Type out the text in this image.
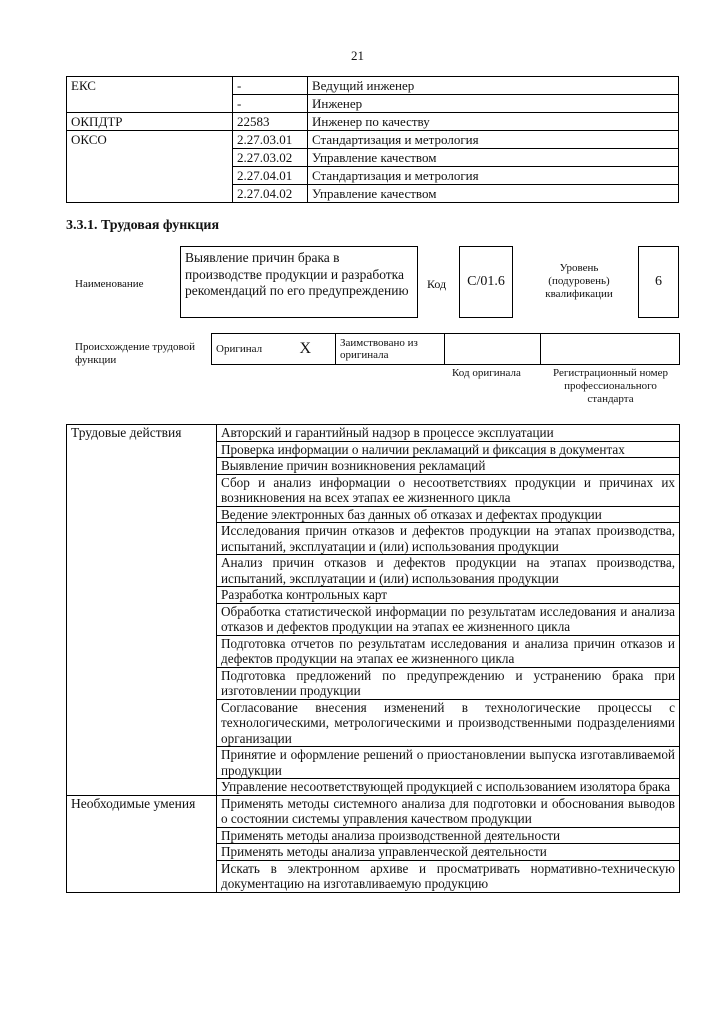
21
ЕКС	-	Ведущий инженер
	-	Инженер
ОКПДТР	22583	Инженер по качеству
ОКСО	2.27.03.01	Стандартизация и метрология
	2.27.03.02	Управление качеством
	2.27.04.01	Стандартизация и метрология
	2.27.04.02	Управление качеством
3.3.1. Трудовая функция
Наименование
Выявление причин брака в производстве продукции и разработка рекомендаций по его предупреждению	Код С/01.6
Уровень (подуровень) квалификации
6
Происхождение трудовой функции
Оригинал	X	Заимствовано из оригинала		
Код оригинала	Регистрационный номер профессионального стандарта
Трудовые действия	Авторский и гарантийный надзор в процессе эксплуатации
	Проверка информации о наличии рекламаций и фиксация в документах
	Выявление причин возникновения рекламаций
	Сбор и анализ информации о несоответствиях продукции и причинах их возникновения на всех этапах ее жизненного цикла
	Ведение электронных баз данных об отказах и дефектах продукции
	Исследования причин отказов и дефектов продукции на этапах производства, испытаний, эксплуатации и (или) использования продукции
	Анализ причин отказов и дефектов продукции на этапах производства, испытаний, эксплуатации и (или) использования продукции
	Разработка контрольных карт
	Обработка статистической информации по результатам исследования и анализа отказов и дефектов продукции на этапах ее жизненного цикла
	Подготовка отчетов по результатам исследования и анализа причин отказов и дефектов продукции на этапах ее жизненного цикла
	Подготовка предложений по предупреждению и устранению брака при изготовлении продукции
	Согласование внесения изменений в технологические процессы с технологическими, метрологическими и производственными подразделениями организации
	Принятие и оформление решений о приостановлении выпуска изготавливаемой продукции
	Управление несоответствующей продукцией с использованием изолятора брака
Необходимые умения	Применять методы системного анализа для подготовки и обоснования выводов о состоянии системы управления качеством продукции
	Применять методы анализа производственной деятельности
	Применять методы анализа управленческой деятельности
	Искать в электронном архиве и просматривать нормативно-техническую документацию на изготавливаемую продукцию
